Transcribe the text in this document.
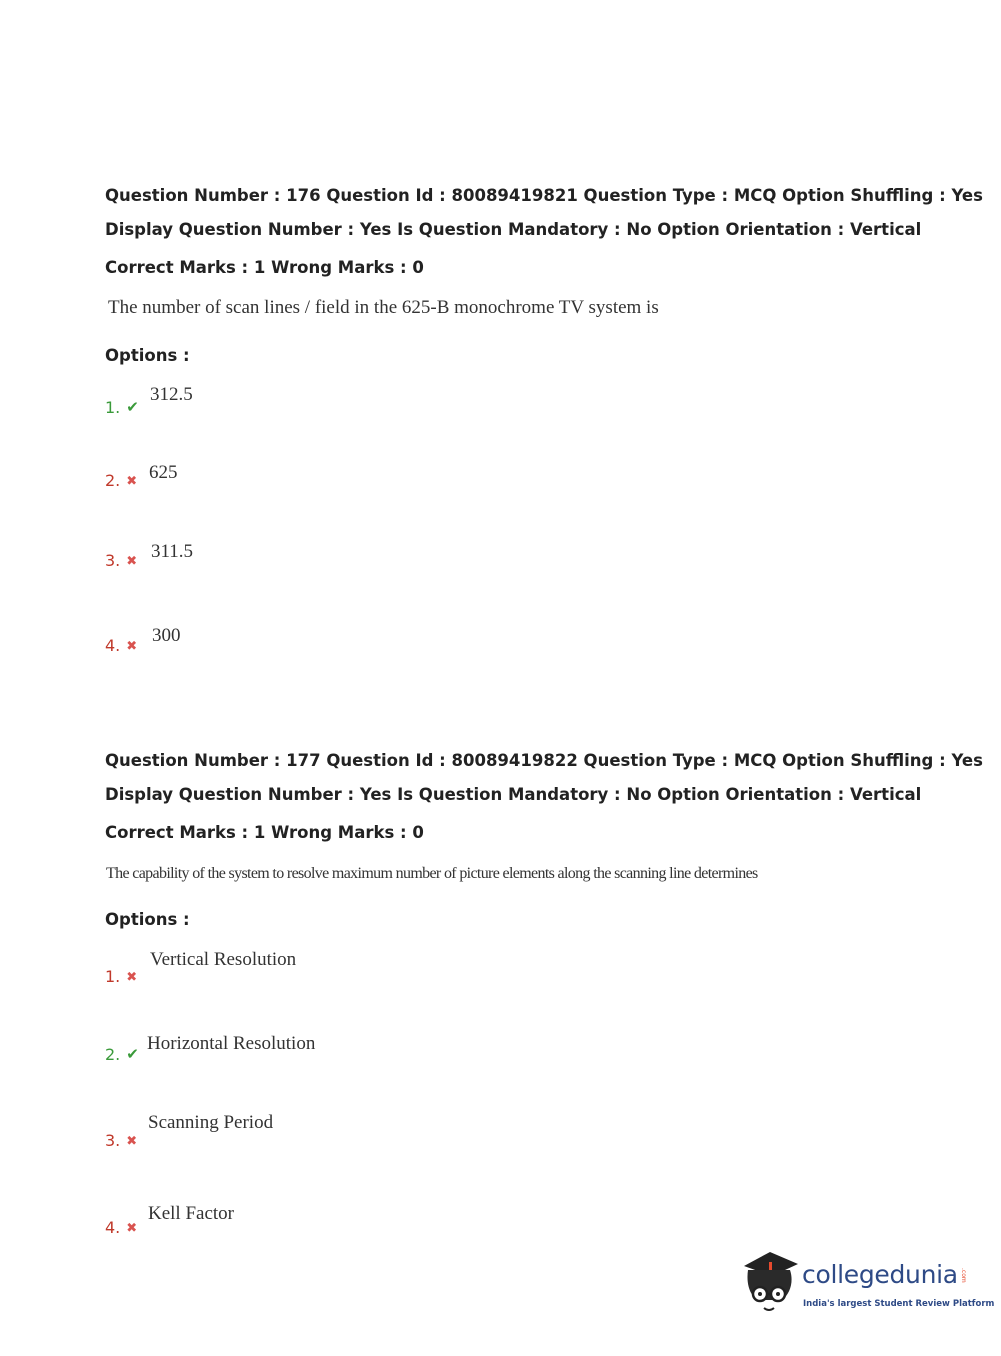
Question Number : 176 Question Id : 80089419821 Question Type : MCQ Option Shuffling : Yes
Display Question Number : Yes Is Question Mandatory : No Option Orientation : Vertical
Correct Marks : 1 Wrong Marks : 0
The number of scan lines / field in the 625-B monochrome TV system is
Options :
1. ✔
312.5
2. ✖ 625
3. ✖ 311.5
4. ✖
300
Question Number : 177 Question Id : 80089419822 Question Type : MCQ Option Shuffling : Yes
Display Question Number : Yes Is Question Mandatory : No Option Orientation : Vertical
Correct Marks : 1 Wrong Marks : 0
The capability of the system to resolve maximum number of picture elements along the scanning line determines
Options :
1. ✖
Vertical Resolution
2. ✔ Horizontal Resolution
3. ✖
Scanning Period
4. ✖
Kell Factor
collegedunia .com
India's largest Student Review Platform
